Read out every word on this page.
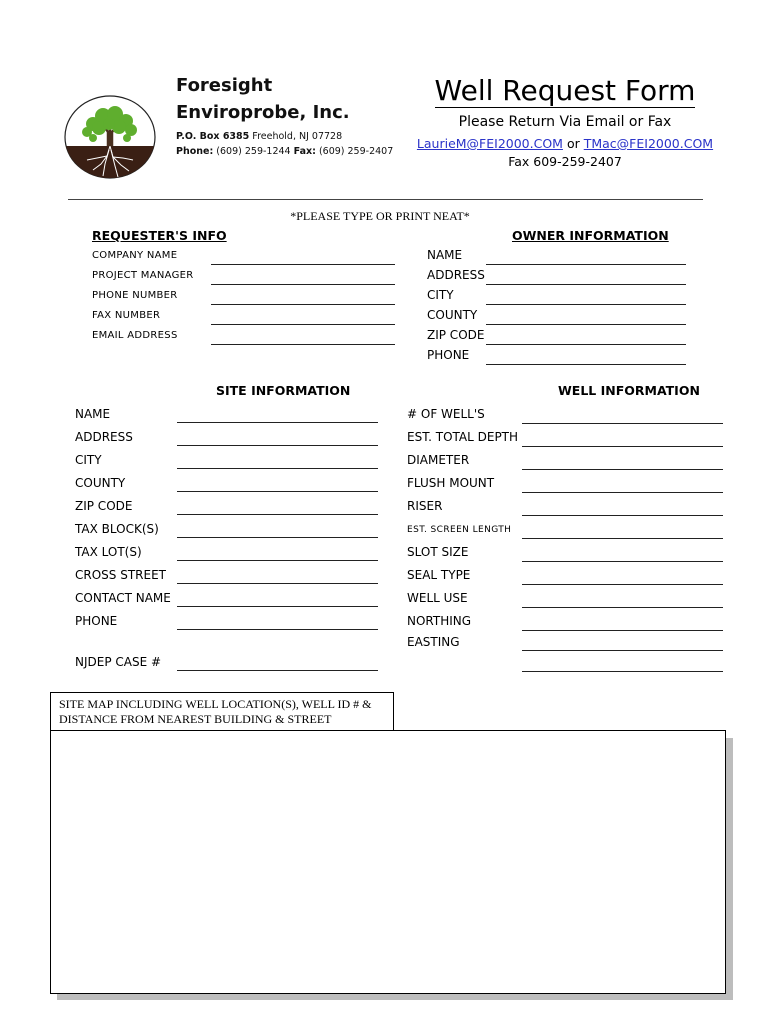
Foresight
Enviroprobe, Inc.
P.O. Box 6385 Freehold, NJ 07728
Phone: (609) 259-1244 Fax: (609) 259-2407
Well Request Form
Please Return Via Email or Fax
LaurieM@FEI2000.COM or TMac@FEI2000.COM
Fax 609-259-2407
*PLEASE TYPE OR PRINT NEAT*
REQUESTER'S INFO
COMPANY NAME
PROJECT MANAGER
PHONE NUMBER
FAX NUMBER
EMAIL ADDRESS
OWNER INFORMATION
NAME
ADDRESS
CITY
COUNTY
ZIP CODE
PHONE
SITE INFORMATION
NAME
ADDRESS
CITY
COUNTY
ZIP CODE
TAX BLOCK(S)
TAX LOT(S)
CROSS STREET
CONTACT NAME
PHONE
NJDEP CASE #
WELL INFORMATION
# OF WELL'S
EST. TOTAL DEPTH
DIAMETER
FLUSH MOUNT
RISER
EST. SCREEN LENGTH
SLOT SIZE
SEAL TYPE
WELL USE
NORTHING
EASTING
SITE MAP INCLUDING WELL LOCATION(S), WELL ID # & DISTANCE FROM NEAREST BUILDING & STREET
